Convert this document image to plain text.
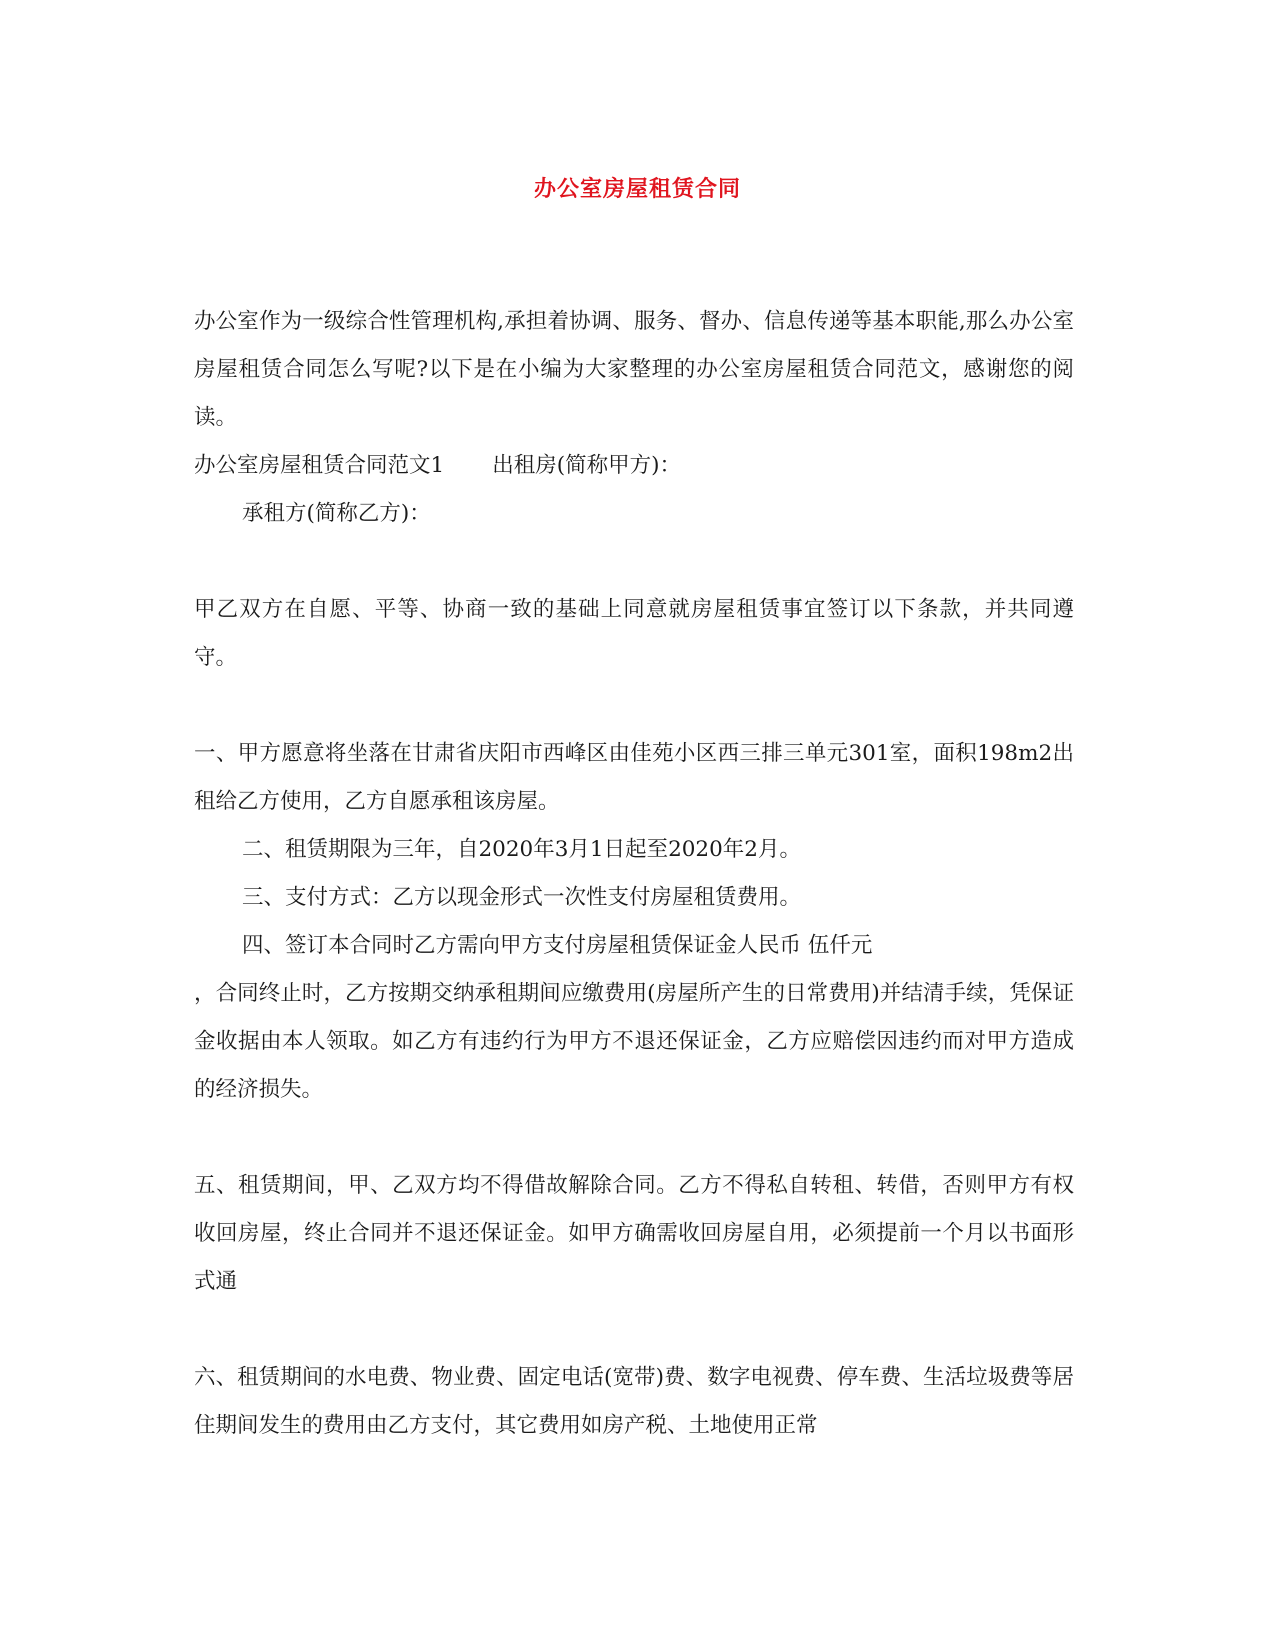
办公室房屋租赁合同

办公室作为一级综合性管理机构,承担着协调、服务、督办、信息传递等基本职能,那么办公室房屋租赁合同怎么写呢?以下是在小编为大家整理的办公室房屋租赁合同范文，感谢您的阅读。

办公室房屋租赁合同范文1 出租房(简称甲方)：

承租方(简称乙方)：

甲乙双方在自愿、平等、协商一致的基础上同意就房屋租赁事宜签订以下条款，并共同遵守。

一、甲方愿意将坐落在甘肃省庆阳市西峰区由佳苑小区西三排三单元301室，面积198m2出租给乙方使用，乙方自愿承租该房屋。

二、租赁期限为三年，自2020年3月1日起至2020年2月。

三、支付方式：乙方以现金形式一次性支付房屋租赁费用。

四、签订本合同时乙方需向甲方支付房屋租赁保证金人民币 伍仟元

，合同终止时，乙方按期交纳承租期间应缴费用(房屋所产生的日常费用)并结清手续，凭保证金收据由本人领取。如乙方有违约行为甲方不退还保证金，乙方应赔偿因违约而对甲方造成的经济损失。

五、租赁期间，甲、乙双方均不得借故解除合同。乙方不得私自转租、转借，否则甲方有权收回房屋，终止合同并不退还保证金。如甲方确需收回房屋自用，必须提前一个月以书面形式通

六、租赁期间的水电费、物业费、固定电话(宽带)费、数字电视费、停车费、生活垃圾费等居住期间发生的费用由乙方支付，其它费用如房产税、土地使用正常
